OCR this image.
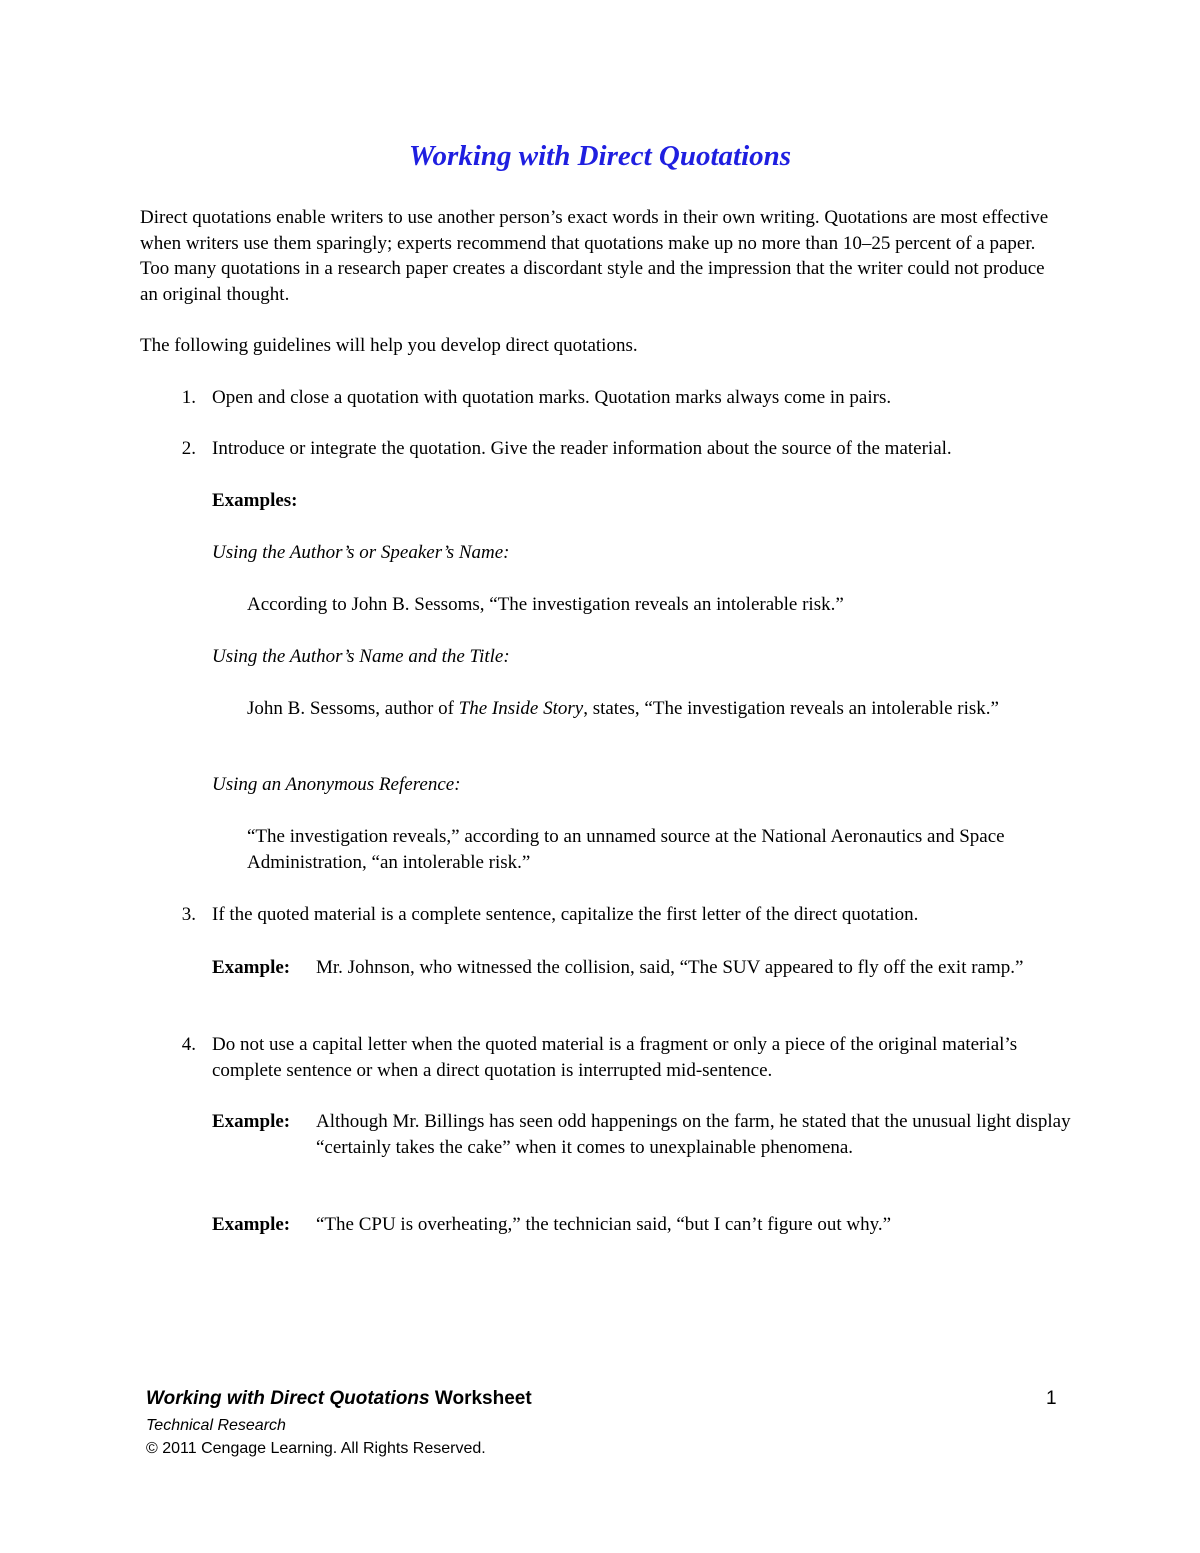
Working with Direct Quotations

Direct quotations enable writers to use another person’s exact words in their own writing. Quotations are most effective when writers use them sparingly; experts recommend that quotations make up no more than 10–25 percent of a paper. Too many quotations in a research paper creates a discordant style and the impression that the writer could not produce an original thought.

The following guidelines will help you develop direct quotations.

1. Open and close a quotation with quotation marks. Quotation marks always come in pairs.

2. Introduce or integrate the quotation. Give the reader information about the source of the material.

Examples:

Using the Author’s or Speaker’s Name:

According to John B. Sessoms, “The investigation reveals an intolerable risk.”

Using the Author’s Name and the Title:

John B. Sessoms, author of The Inside Story, states, “The investigation reveals an intolerable risk.”

Using an Anonymous Reference:

“The investigation reveals,” according to an unnamed source at the National Aeronautics and Space Administration, “an intolerable risk.”

3. If the quoted material is a complete sentence, capitalize the first letter of the direct quotation.

Example:	Mr. Johnson, who witnessed the collision, said, “The SUV appeared to fly off the exit ramp.”

4. Do not use a capital letter when the quoted material is a fragment or only a piece of the original material’s complete sentence or when a direct quotation is interrupted mid-sentence.

Example:	Although Mr. Billings has seen odd happenings on the farm, he stated that the unusual light display “certainly takes the cake” when it comes to unexplainable phenomena.

Example:	“The CPU is overheating,” the technician said, “but I can’t figure out why.”

Working with Direct Quotations Worksheet	1

Technical Research

© 2011 Cengage Learning. All Rights Reserved.
